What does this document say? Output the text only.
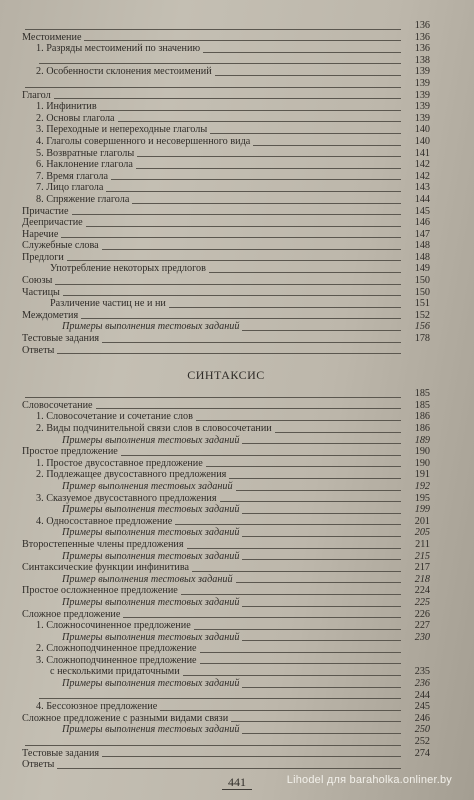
136
Местоимение	136
1. Разряды местоимений по значению	136
138
2. Особенности склонения местоимений	139
139
Глагол	139
1. Инфинитив	139
2. Основы глагола	139
3. Переходные и непереходные глаголы	140
4. Глаголы совершенного и несовершенного вида	140
5. Возвратные глаголы	141
6. Наклонение глагола	142
7. Время глагола	142
7. Лицо глагола	143
8. Спряжение глагола	144
Причастие	145
Деепричастие	146
Наречие	147
Служебные слова	148
Предлоги	148
Употребление некоторых предлогов	149
Союзы	150
Частицы	150
Различение частиц не и ни	151
Междометия	152
Примеры выполнения тестовых заданий	156
Тестовые задания	178
Ответы
СИНТАКСИС
185
Словосочетание	185
1. Словосочетание и сочетание слов	186
2. Виды подчинительной связи слов в словосочетании	186
Примеры выполнения тестовых заданий	189
Простое предложение	190
1. Простое двусоставное предложение	190
2. Подлежащее двусоставного предложения	191
Пример выполнения тестовых заданий	192
3. Сказуемое двусоставного предложения	195
Примеры выполнения тестовых заданий	199
4. Односоставное предложение	201
Примеры выполнения тестовых заданий	205
Второстепенные члены предложения	211
Примеры выполнения тестовых заданий	215
Синтаксические функции инфинитива	217
Пример выполнения тестовых заданий	218
Простое осложненное предложение	224
Примеры выполнения тестовых заданий	225
Сложное предложение	226
1. Сложносочиненное предложение	227
Примеры выполнения тестовых заданий	230
2. Сложноподчиненное предложение
3. Сложноподчиненное предложение
с несколькими придаточными	235
Примеры выполнения тестовых заданий	236
244
4. Бессоюзное предложение	245
Сложное предложение с разными видами связи	246
Примеры выполнения тестовых заданий	250
252
Тестовые задания	274
Ответы
441	Lihodel для baraholka.onliner.by
